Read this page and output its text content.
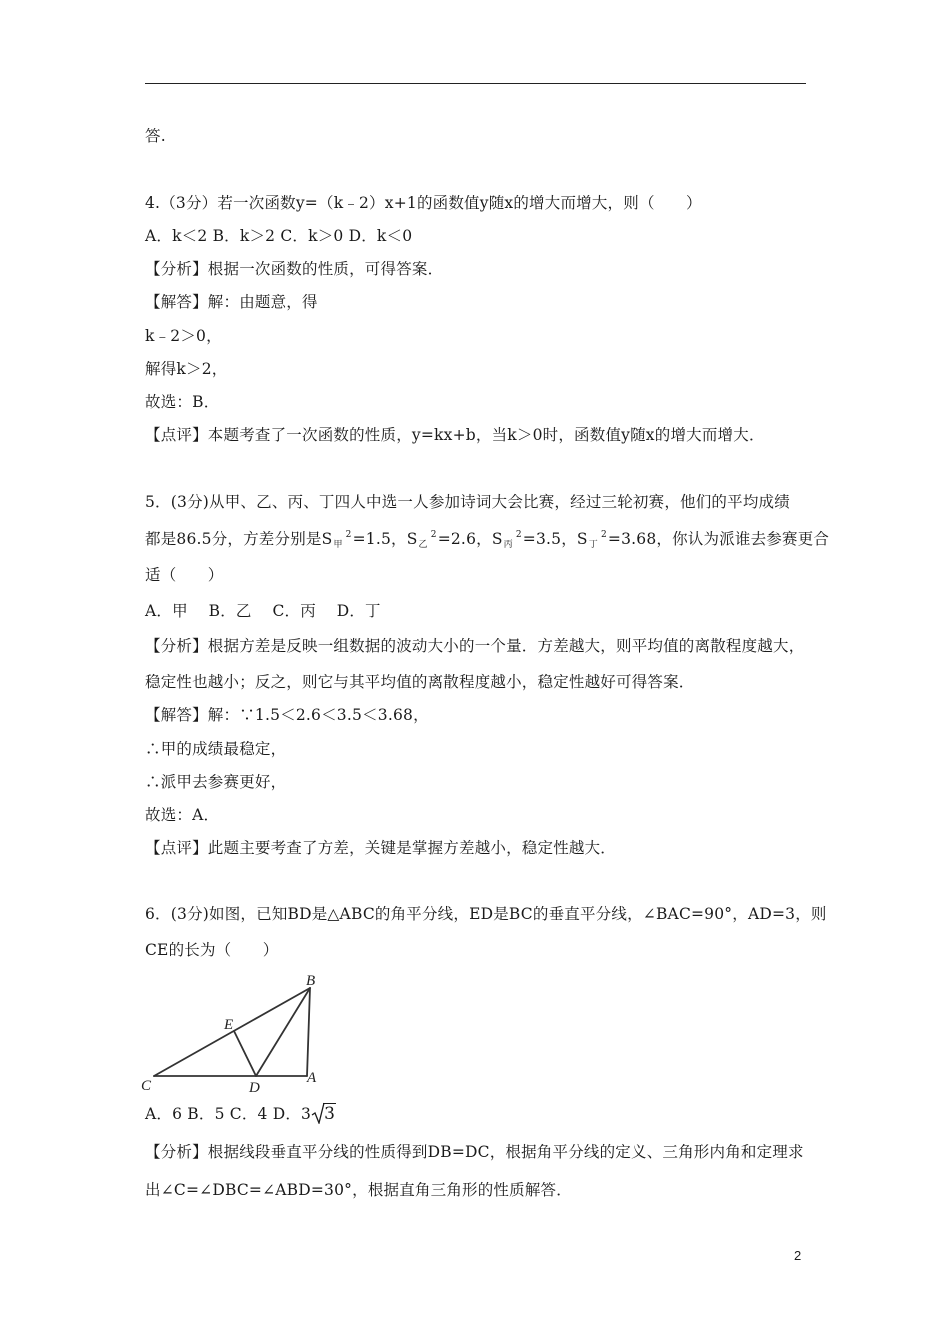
答.
4.（3分）若一次函数y=（k﹣2）x+1的函数值y随x的增大而增大，则（　　）
A．k＜2 B．k＞2 C．k＞0 D．k＜0
【分析】根据一次函数的性质，可得答案．
【解答】解：由题意，得
k﹣2＞0，
解得k＞2，
故选：B．
【点评】本题考查了一次函数的性质，y=kx+b，当k＞0时，函数值y随x的增大而增大．
5．(3分)从甲、乙、丙、丁四人中选一人参加诗词大会比赛，经过三轮初赛，他们的平均成绩
都是86.5分，方差分别是S甲$^2$=1.5，S乙$^2$=2.6，S丙$^2$=3.5，S丁$^2$=3.68，你认为派谁去参赛更合
适（　　）
A．甲　 B．乙　 C．丙　 D．丁
【分析】根据方差是反映一组数据的波动大小的一个量．方差越大，则平均值的离散程度越大，
稳定性也越小；反之，则它与其平均值的离散程度越小，稳定性越好可得答案．
【解答】解：∵1.5＜2.6＜3.5＜3.68，
∴甲的成绩最稳定，
∴派甲去参赛更好，
故选：A．
【点评】此题主要考查了方差，关键是掌握方差越小，稳定性越大．
6．(3分)如图，已知BD是△ABC的角平分线，ED是BC的垂直平分线，∠BAC=90°，AD=3，则
CE的长为（　　）
B
E
C	D
A
A．6 B．5 C．4 D．3 3
【分析】根据线段垂直平分线的性质得到DB=DC，根据角平分线的定义、三角形内角和定理求
出∠C=∠DBC=∠ABD=30°，根据直角三角形的性质解答．
2
